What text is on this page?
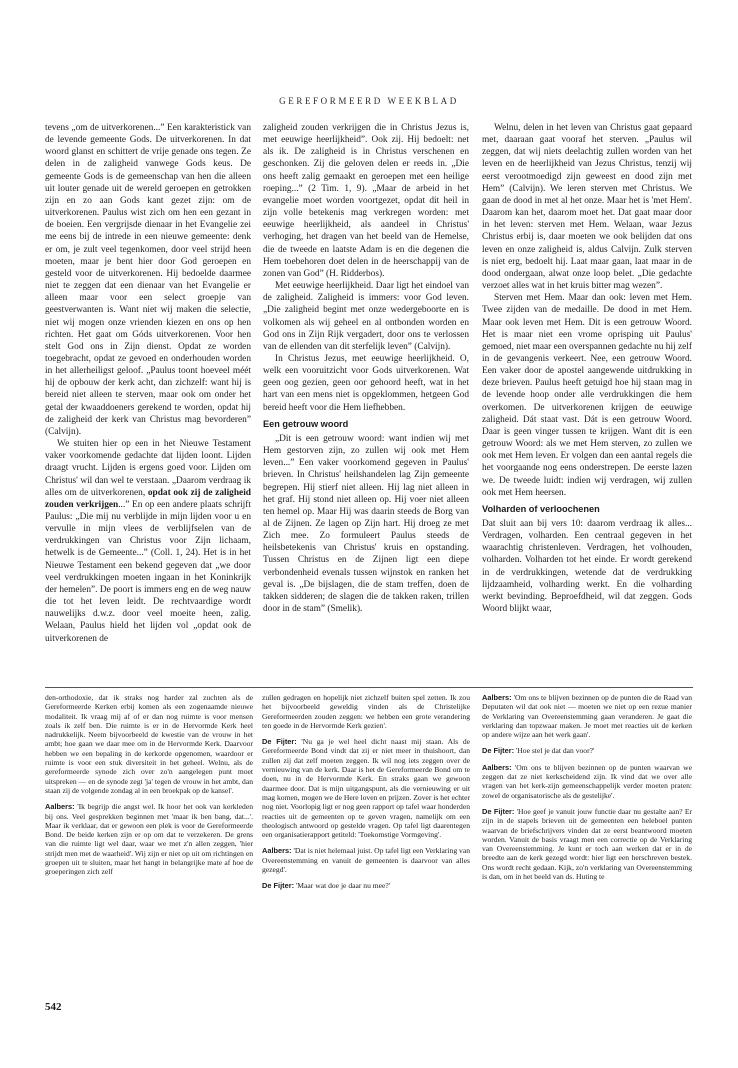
GEREFORMEERD WEEKBLAD

tevens „om de uitverkorenen...” Een karakteristick van de levende gemeente Gods. De uitverkorenen. In dat woord glanst en schittert de vrije genade ons tegen. Ze delen in de zaligheid vanwege Gods keus. De gemeente Gods is de gemeenschap van hen die alleen uit louter genade uit de wereld geroepen en getrokken zijn en zo aan Gods kant gezet zijn: om de uitverkorenen. Paulus wist zich om hen een gezant in de boeien. Een vergrijsde dienaar in het Evangelie zei me eens bij de intrede in een nieuwe gemeente: denk er om, je zult veel tegenkomen, door veel strijd heen moeten, maar je bent hier door God geroepen en gesteld voor de uitverkorenen. Hij bedoelde daarmee niet te zeggen dat een dienaar van het Evangelie er alleen maar voor een select groepje van geestverwanten is. Want niet wij maken die selectie, niet wij mogen onze vrienden kiezen en ons op hen richten. Het gaat om Góds uitverkorenen. Voor hen stelt God ons in Zijn dienst. Opdat ze worden toegebracht, opdat ze gevoed en onderhouden worden in het allerheiligst geloof. „Paulus toont hoeveel méét hij de opbouw der kerk acht, dan zichzelf: want hij is bereid niet alleen te sterven, maar ook om onder het getal der kwaaddoeners gerekend te worden, opdat hij de zaligheid der kerk van Christus mag bevorderen” (Calvijn).

We stuiten hier op een in het Nieuwe Testament vaker voorkomende gedachte dat lijden loont. Lijden draagt vrucht. Lijden is ergens goed voor. Lijden om Christus' wil dan wel te verstaan. „Daarom verdraag ik alles om de uitverkorenen, opdat ook zij de zaligheid zouden verkrijgen...” En op een andere plaats schrijft Paulus: „Die mij nu verblijde in mijn lijden voor u en vervulle in mijn vlees de verblijfselen van de verdrukkingen van Christus voor Zijn lichaam, hetwelk is de Gemeente...” (Coll. 1, 24). Het is in het Nieuwe Testament een bekend gegeven dat „we door veel verdrukkingen moeten ingaan in het Koninkrijk der hemelen”. De poort is immers eng en de weg nauw die tot het leven leidt. De rechtvaardige wordt nauwelijks d.w.z. door veel moeite heen, zalig. Welaan, Paulus hield het lijden vol „opdat ook de uitverkorenen de

zaligheid zouden verkrijgen die in Christus Jezus is, met eeuwige heerlijkheid”. Ook zij. Hij bedoelt: net als ik. De zaligheid is in Christus verschenen en geschonken. Zij die geloven delen er reeds in. „Die ons heeft zalig gemaakt en geroepen met een heilige roeping...” (2 Tim. 1, 9). „Maar de arbeid in het evangelie moet worden voortgezet, opdat dit heil in zijn volle betekenis mag verkregen worden: met eeuwige heerlijkheid, als aandeel in Christus' verhoging, het dragen van het beeld van de Hemelse, die de tweede en laatste Adam is en die degenen die Hem toebehoren doet delen in de heerschappij van de zonen van God” (H. Ridderbos).

Met eeuwige heerlijkheid. Daar ligt het eindoel van de zaligheid. Zaligheid is immers: voor God leven. „Die zaligheid begint met onze wedergeboorte en is volkomen als wij geheel en al ontbonden worden en God ons in Zijn Rijk vergadert, door ons te verlossen van de ellenden van dit sterfelijk leven” (Calvijn).

In Christus Jezus, met eeuwige heerlijkheid. O, welk een vooruitzicht voor Gods uitverkorenen. Wat geen oog gezien, geen oor gehoord heeft, wat in het hart van een mens niet is opgeklommen, hetgeen God bereid heeft voor die Hem liefhebben.

Een getrouw woord

„Dit is een getrouw woord: want indien wij met Hem gestorven zijn, zo zullen wij ook met Hem leven...” Een vaker voorkomend gegeven in Paulus' brieven. In Christus' heilshandelen lag Zijn gemeente begrepen. Hij stierf niet alleen. Hij lag niet alleen in het graf. Hij stond niet alleen op. Hij voer niet alleen ten hemel op. Maar Hij was daarin steeds de Borg van al de Zijnen. Ze lagen op Zijn hart. Hij droeg ze met Zich mee. Zo formuleert Paulus steeds de heilsbetekenis van Christus' kruis en opstanding. Tussen Christus en de Zijnen ligt een diepe verbondenheid evenals tussen wijnstok en ranken het geval is. „De bijslagen, die de stam treffen, doen de takken sidderen; de slagen die de takken raken, trillen door in de stam” (Smelik).

Welnu, delen in het leven van Christus gaat gepaard met, daaraan gaat vooraf het sterven. „Paulus wil zeggen, dat wij niets deelachtig zullen worden van het leven en de heerlijkheid van Jezus Christus, tenzij wij eerst verootmoedigd zijn geweest en dood zijn met Hem” (Calvijn). We leren sterven met Christus. We gaan de dood in met al het onze. Maar het is 'met Hem'. Daarom kan het, daarom moet het. Dat gaat maar door in het leven: sterven met Hem. Welaan, waar Jezus Christus erbij is, daar moeten we ook belijden dat ons leven en onze zaligheid is, aldus Calvijn. Zulk sterven is niet erg, bedoelt hij. Laat maar gaan, laat maar in de dood ondergaan, alwat onze loop belet. „Die gedachte verzoet alles wat in het kruis bitter mag wezen”.

Sterven met Hem. Maar dan ook: leven met Hem. Twee zijden van de medaille. De dood in met Hem. Maar ook leven met Hem. Dit is een getrouw Woord. Het is maar niet een vrome oprisping uit Paulus' gemoed, niet maar een overspannen gedachte nu hij zelf in de gevangenis verkeert. Nee, een getrouw Woord. Een vaker door de apostel aangewende uitdrukking in deze brieven. Paulus heeft getuigd hoe hij staan mag in de levende hoop onder alle verdrukkingen die hem overkomen. De uitverkorenen krijgen de eeuwige zaligheid. Dát staat vast. Dát is een getrouw Woord. Daar is geen vinger tussen te krijgen. Want dit is een getrouw Woord: als we met Hem sterven, zo zullen we ook met Hem leven. Er volgen dan een aantal regels die het voorgaande nog eens onderstrepen. De eerste lazen we. De tweede luidt: indien wij verdragen, wij zullen ook met Hem heersen.

Volharden of verloochenen

Dat sluit aan bij vers 10: daarom verdraag ik alles... Verdragen, volharden. Een centraal gegeven in het waarachtig christenleven. Verdragen, het volhouden, volharden. Volharden tot het einde. Er wordt gerekend in de verdrukkingen, wetende dat de verdrukking lijdzaamheid, volharding werkt. En die volharding werkt bevinding. Beproefdheid, wil dat zeggen. Gods Woord blijkt waar,

den-orthodoxie, dat ik straks nog harder zal zuchten als de Gereformeerde Kerken erbij komen als een zogenaamde nieuwe modaliteit. Ik vraag mij af of er dan nog ruimte is voor mensen zoals ik zelf ben. Die ruimte is er in de Hervormde Kerk heel nadrukkelijk. Neem bijvoorbeeld de kwestie van de vrouw in het ambt; hoe gaan we daar mee om in de Hervormde Kerk. Daarvoor hebben we een bepaling in de kerkorde opgenomen, waardoor er ruimte is voor een stuk diversiteit in het geheel. Welnu, als de gereformeerde synode zich over zo'n aangelegen punt moet uitspreken — en de synode zegt 'ja' tegen de vrouw in het ambt, dan staan zij de volgende zondag al in een broekpak op de kansel'.

Aalbers: 'Ik begrijp die angst wel. Ik hoor het ook van kerkleden bij ons. Veel gesprekken beginnen met 'maar ik ben bang, dat...'. Maar ik verklaar, dat er gewoon een plek is voor de Gereformeerde Bond. De beide kerken zijn er op om dat te verzekeren. De grens van die ruimte ligt wel daar, waar we met z'n allen zeggen, 'hier strijdt men met de waarheid'. Wij zijn er niet op uit om richtingen en groepen uit te sluiten, maar het hangt in belangrijke mate af hoe de groeperingen zich zelf

zullen gedragen en hopelijk niet zichzelf buiten spel zetten. Ik zou het bijvoorbeeld geweldig vinden als de Christelijke Gereformeerden zouden zeggen: we hebben een grote verandering ten goede in de Hervormde Kerk gezien'.

De Fijter: 'Nu ga je wel heel dicht naast mij staan. Als de Gereformeerde Bond vindt dat zij er niet meer in thuishoort, dan zullen zij dat zelf moeten zeggen. Ik wil nog iets zeggen over de vernieuwing van de kerk. Daar is het de Gereformeerde Bond om te doen, nu in de Hervormde Kerk. En straks gaan we gewoon daarmee door. Dat is mijn uitgangspunt, als die vernieuwing er uit mag komen, mogen we de Here loven en prijzen. Zover is het echter nog niet. Voorlopig ligt er nog geen rapport op tafel waar honderden reacties uit de gemeenten op te geven vragen, namelijk om een theologisch antwoord op gestelde vragen. Op tafel ligt daarentegen een organisatierapport getiteld: 'Toekomstige Vormgeving'.

Aalbers: 'Dat is niet helemaal juist. Op tafel ligt een Verklaring van Overeenstemming en vanuit de gemeenten is daarvoor van alles gezegd'.

De Fijter: 'Maar wat doe je daar nu mee?'

Aalbers: 'Om ons te blijven bezinnen op de punten die de Raad van Deputaten wil dat ook niet — moeten we niet op een rezue manier de Verklaring van Overeenstemming gaan veranderen. Je gaat die verklaring dan topzwaar maken. Je moet met reacties uit de kerken op andere wijze aan het werk gaan'.

De Fijter: 'Hoe stel je dat dan voor?'

Aalbers: 'Om ons te blijven bezinnen op de punten waarvan we zeggen dat ze niet kerkscheidend zijn. Ik vind dat we over alle vragen van het kerk-zijn gemeenschappelijk verder moeten praten: zowel de organisatorische als de gestelijke'.

De Fijter: 'Hoe geef je vanuit jouw functie daar nu gestalte aan? Er zijn in de stapels brieven uit de gemeenten een heleboel punten waarvan de briefschrijvers vinden dat ze eerst beantwoord moeten worden. Vanuit de basis vraagt men een correctie op de Verklaring van Overeenstemming. Je kunt er toch aan werken dat er in de breedte aan de kerk gezegd wordt: hier ligt een herschreven bestek. Ons wordt recht gedaan. Kijk, zo'n verklaring van Overeenstemming is dan, om in het beeld van ds. Huting te

542
